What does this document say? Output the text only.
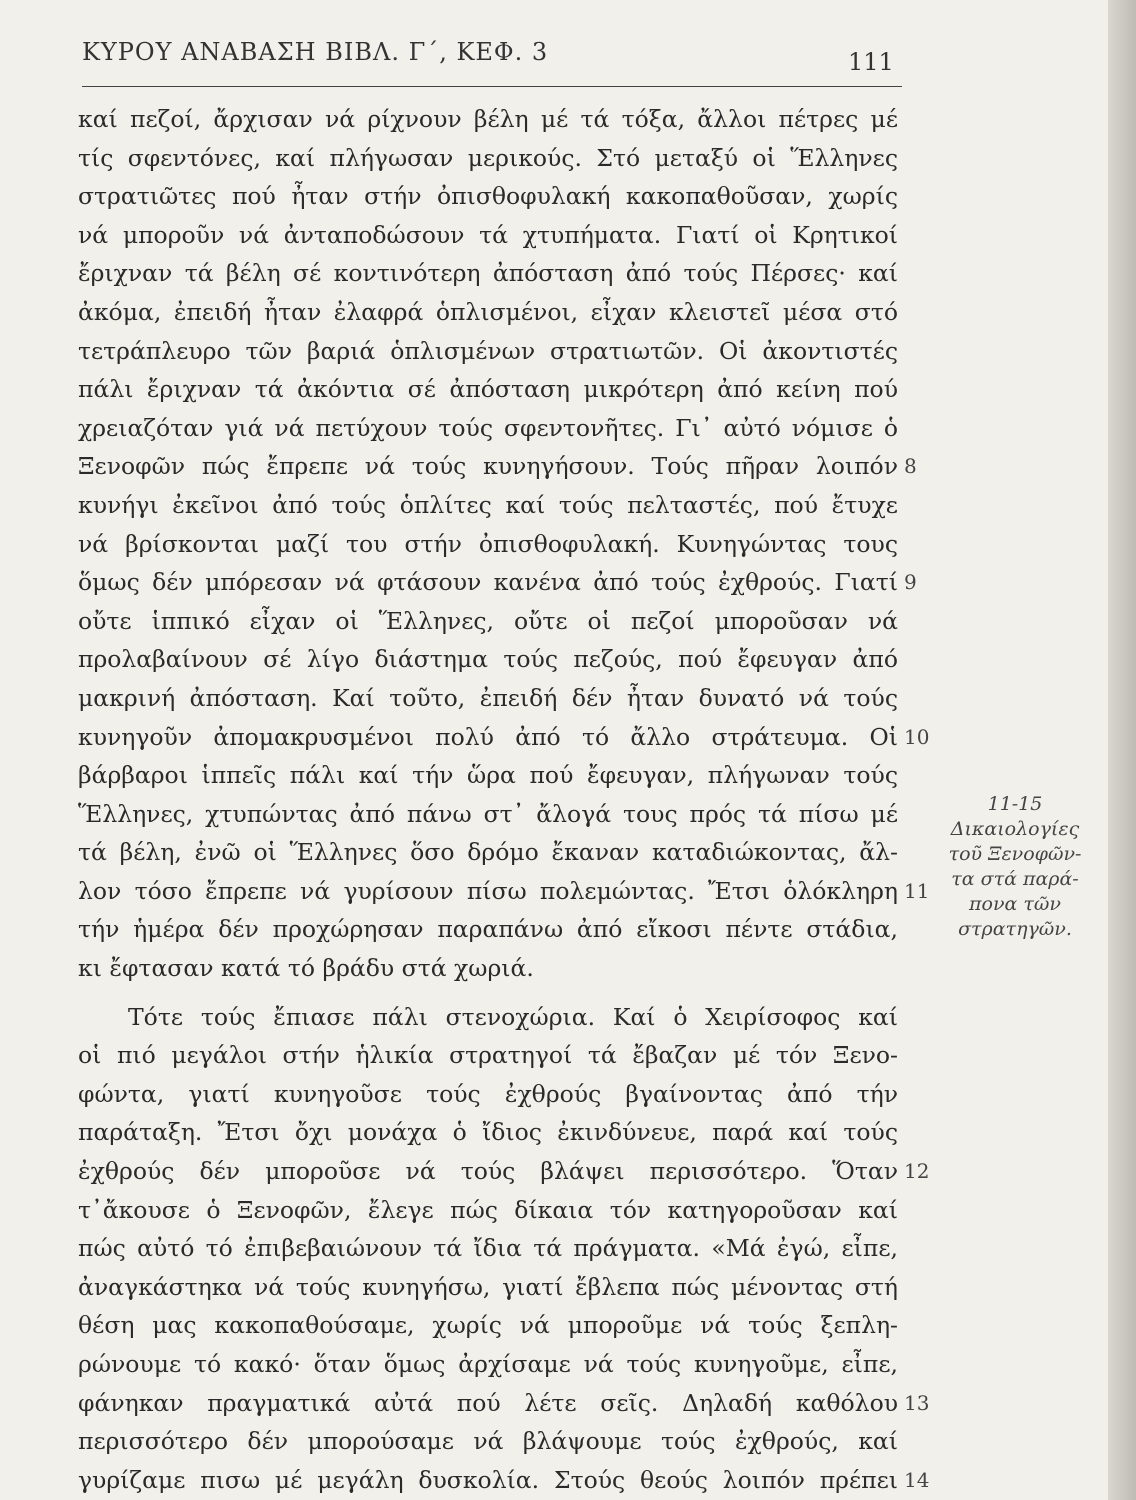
ΚΥΡΟΥ ΑΝΑΒΑΣΗ ΒΙΒΛ. Γ΄, ΚΕΦ. 3	111
καί πεζοί, ἄρχισαν νά ρίχνουν βέλη μέ τά τόξα, ἄλλοι πέτρες μέ
τίς σφεντόνες, καί πλήγωσαν μερικούς. Στό μεταξύ οἱ Ἕλληνες
στρατιῶτες πού ἦταν στήν ὀπισθοφυλακή κακοπαθοῦσαν, χωρίς
νά μποροῦν νά ἀνταποδώσουν τά χτυπήματα. Γιατί οἱ Κρητικοί
ἔριχναν τά βέλη σέ κοντινότερη ἀπόσταση ἀπό τούς Πέρσες· καί
ἀκόμα, ἐπειδή ἦταν ἐλαφρά ὁπλισμένοι, εἶχαν κλειστεῖ μέσα στό
τετράπλευρο τῶν βαριά ὁπλισμένων στρατιωτῶν. Οἱ ἀκοντιστές
πάλι ἔριχναν τά ἀκόντια σέ ἀπόσταση μικρότερη ἀπό κείνη πού
χρειαζόταν γιά νά πετύχουν τούς σφεντονῆτες. Γι᾽ αὐτό νόμισε ὁ
Ξενοφῶν πώς ἔπρεπε νά τούς κυνηγήσουν. Τούς πῆραν λοιπόν 8
κυνήγι ἐκεῖνοι ἀπό τούς ὁπλίτες καί τούς πελταστές, πού ἔτυχε
νά βρίσκονται μαζί του στήν ὀπισθοφυλακή. Κυνηγώντας τους
ὅμως δέν μπόρεσαν νά φτάσουν κανένα ἀπό τούς ἐχθρούς. Γιατί 9
οὔτε ἱππικό εἶχαν οἱ Ἕλληνες, οὔτε οἱ πεζοί μποροῦσαν νά
προλαβαίνουν σέ λίγο διάστημα τούς πεζούς, πού ἔφευγαν ἀπό
μακρινή ἀπόσταση. Καί τοῦτο, ἐπειδή δέν ἦταν δυνατό νά τούς
κυνηγοῦν ἀπομακρυσμένοι πολύ ἀπό τό ἄλλο στράτευμα. Οἱ 10
βάρβαροι ἱππεῖς πάλι καί τήν ὥρα πού ἔφευγαν, πλήγωναν τούς
Ἕλληνες, χτυπώντας ἀπό πάνω στ᾽ ἄλογά τους πρός τά πίσω μέ
τά βέλη, ἐνῶ οἱ Ἕλληνες ὅσο δρόμο ἔκαναν καταδιώκοντας, ἄλ-
λον τόσο ἔπρεπε νά γυρίσουν πίσω πολεμώντας. Ἔτσι ὁλόκληρη 11
τήν ἡμέρα δέν προχώρησαν παραπάνω ἀπό εἴκοσι πέντε στάδια,
κι ἔφτασαν κατά τό βράδυ στά χωριά.
Τότε τούς ἔπιασε πάλι στενοχώρια. Καί ὁ Χειρίσοφος καί
οἱ πιό μεγάλοι στήν ἡλικία στρατηγοί τά ἔβαζαν μέ τόν Ξενο-
φώντα, γιατί κυνηγοῦσε τούς ἐχθρούς βγαίνοντας ἀπό τήν
παράταξη. Ἔτσι ὄχι μονάχα ὁ ἴδιος ἐκινδύνευε, παρά καί τούς
ἐχθρούς δέν μποροῦσε νά τούς βλάψει περισσότερο. Ὅταν 12
τ᾽ἄκουσε ὁ Ξενοφῶν, ἔλεγε πώς δίκαια τόν κατηγοροῦσαν καί
πώς αὐτό τό ἐπιβεβαιώνουν τά ἴδια τά πράγματα. «Μά ἐγώ, εἶπε,
ἀναγκάστηκα νά τούς κυνηγήσω, γιατί ἔβλεπα πώς μένοντας στή
θέση μας κακοπαθούσαμε, χωρίς νά μποροῦμε νά τούς ξεπλη-
ρώνουμε τό κακό· ὅταν ὅμως ἀρχίσαμε νά τούς κυνηγοῦμε, εἶπε,
φάνηκαν πραγματικά αὐτά πού λέτε σεῖς. Δηλαδή καθόλου 13
περισσότερο δέν μπορούσαμε νά βλάψουμε τούς ἐχθρούς, καί
γυρίζαμε πισω μέ μεγάλη δυσκολία. Στούς θεούς λοιπόν πρέπει 14
11-15
Δικαιολογίες
τοῦ Ξενοφῶν-
τα στά παρά-
πονα τῶν
στρατηγῶν.
